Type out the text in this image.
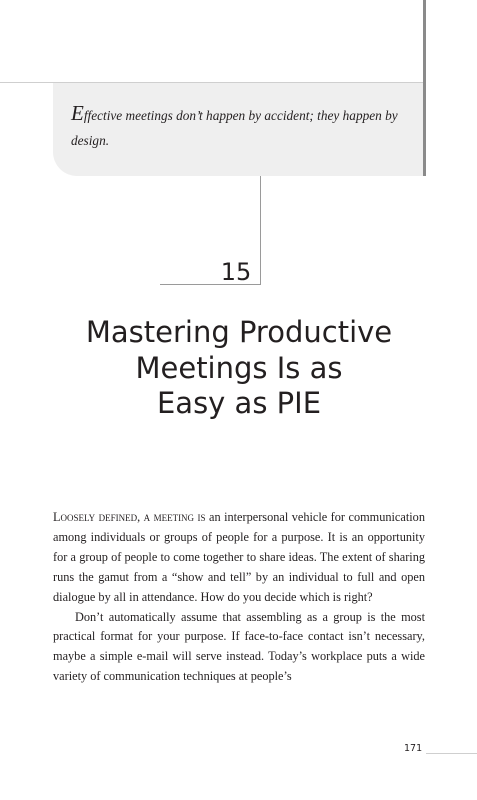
Effective meetings don’t happen by accident; they happen by design.
15
Mastering Productive
Meetings Is as
Easy as PIE

Loosely defined, a meeting is an interpersonal vehicle for communication among individuals or groups of people for a purpose. It is an opportunity for a group of people to come together to share ideas. The extent of sharing runs the gamut from a “show and tell” by an individual to full and open dialogue by all in attendance. How do you decide which is right?

Don’t automatically assume that assembling as a group is the most practical format for your purpose. If face-to-face contact isn’t necessary, maybe a simple e-mail will serve instead. Today’s workplace puts a wide variety of communication techniques at people’s

171
